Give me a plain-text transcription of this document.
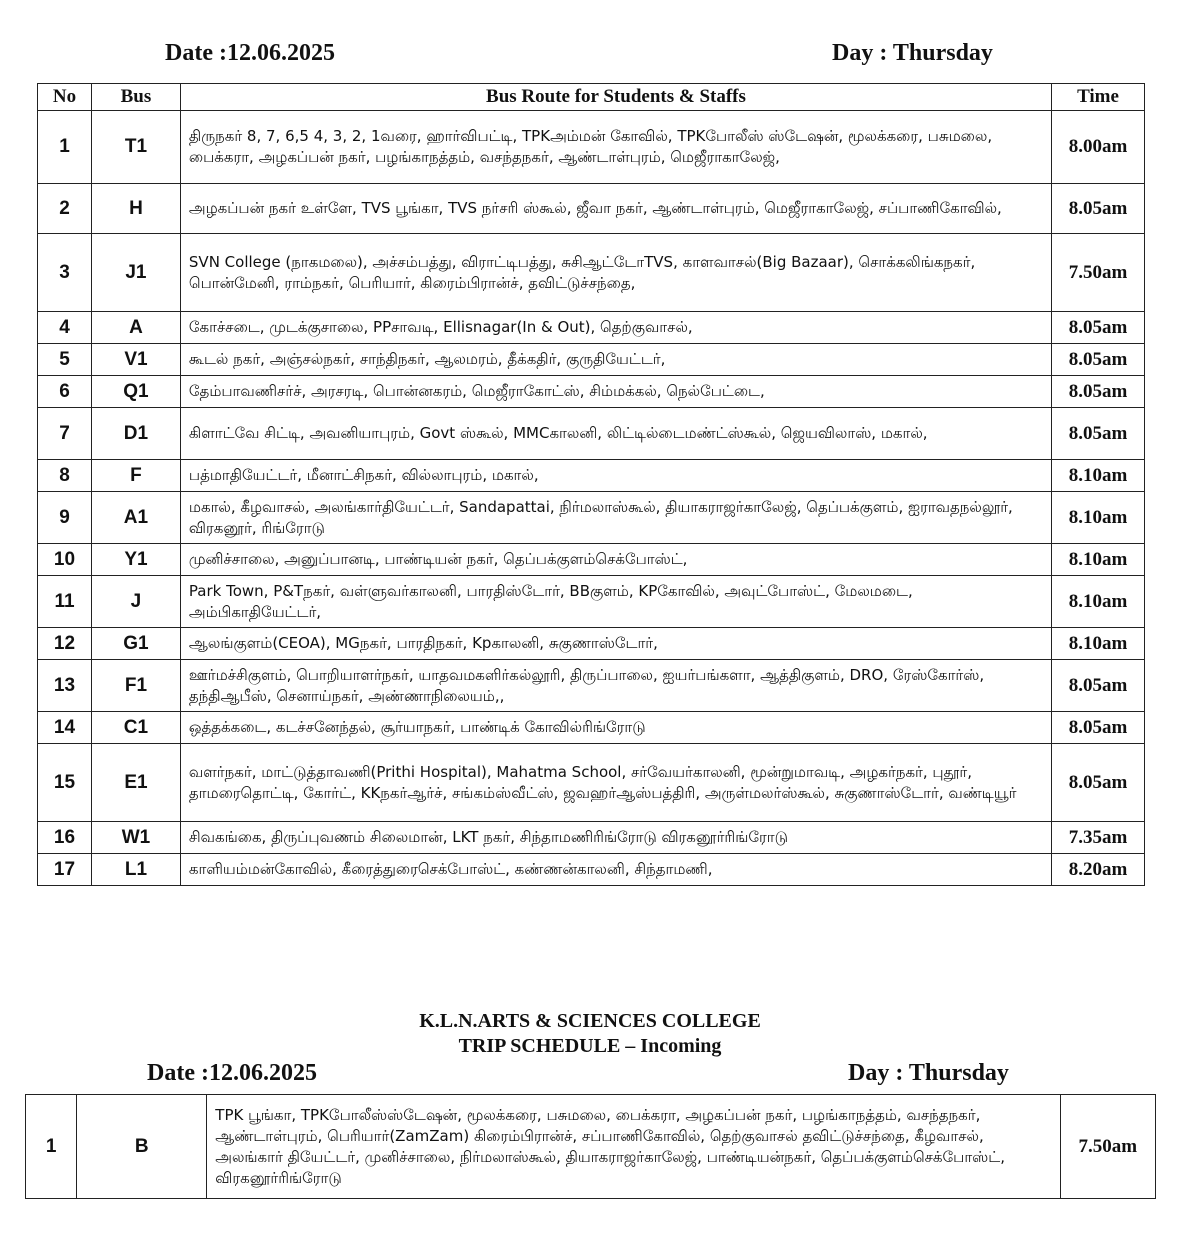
Date :12.06.2025	Day : Thursday
No	Bus	Bus Route for Students & Staffs	Time
1	T1	திருநகர் 8, 7, 6,5 4, 3, 2, 1வரை, ஹார்விபட்டி, TPKஅம்மன் கோவில், TPKபோலீஸ் ஸ்டேஷன், மூலக்கரை, பசுமலை, பைக்கரா, அழகப்பன் நகர், பழங்காநத்தம், வசந்தநகர், ஆண்டாள்புரம், மெஜீராகாலேஜ்,	8.00am
2	H	அழகப்பன் நகர் உள்ளே, TVS பூங்கா, TVS நர்சரி ஸ்கூல், ஜீவா நகர், ஆண்டாள்புரம், மெஜீராகாலேஜ், சப்பாணிகோவில்,	8.05am
3	J1	SVN College (நாகமலை), அச்சம்பத்து, விராட்டிபத்து, சுசிஆட்டோTVS, காளவாசல்(Big Bazaar), சொக்கலிங்கநகர், பொன்மேனி, ராம்நகர், பெரியார், கிரைம்பிரான்ச், தவிட்டுச்சந்தை,	7.50am
4	A	கோச்சடை, முடக்குசாலை, PPசாவடி, Ellisnagar(In & Out), தெற்குவாசல்,	8.05am
5	V1	கூடல் நகர், அஞ்சல்நகர், சாந்திநகர், ஆலமரம், தீக்கதிர், குருதியேட்டர்,	8.05am
6	Q1	தேம்பாவணிசர்ச், அரசரடி, பொன்னகரம், மெஜீராகோட்ஸ், சிம்மக்கல், நெல்பேட்டை,	8.05am
7	D1	கிளாட்வே சிட்டி, அவனியாபுரம், Govt ஸ்கூல், MMCகாலனி, லிட்டில்டைமண்ட்ஸ்கூல், ஜெயவிலாஸ், மகால்,	8.05am
8	F	பத்மாதியேட்டர், மீனாட்சிநகர், வில்லாபுரம், மகால்,	8.10am
9	A1	மகால், கீழவாசல், அலங்கார்தியேட்டர், Sandapattai, நிர்மலாஸ்கூல், தியாகராஜர்காலேஜ், தெப்பக்குளம், ஐராவதநல்லூர், விரகனூர், ரிங்ரோடு	8.10am
10	Y1	முனிச்சாலை, அனுப்பானடி, பாண்டியன் நகர், தெப்பக்குளம்செக்போஸ்ட்,	8.10am
11	J	Park Town, P&Tநகர், வள்ளுவர்காலனி, பாரதிஸ்டோர், BBகுளம், KPகோவில், அவுட்போஸ்ட், மேலமடை, அம்பிகாதியேட்டர்,	8.10am
12	G1	ஆலங்குளம்(CEOA), MGநகர், பாரதிநகர், Kpகாலனி, சுகுணாஸ்டோர்,	8.10am
13	F1	ஊர்மச்சிகுளம், பொறியாளர்நகர், யாதவமகளிர்கல்லூரி, திருப்பாலை, ஐயர்பங்களா, ஆத்திகுளம், DRO, ரேஸ்கோர்ஸ், தந்திஆபீஸ், செனாய்நகர், அண்ணாநிலையம்,,	8.05am
14	C1	ஒத்தக்கடை, கடச்சனேந்தல், சூர்யாநகர், பாண்டிக் கோவில்ரிங்ரோடு	8.05am
15	E1	வளர்நகர், மாட்டுத்தாவணி(Prithi Hospital), Mahatma School, சர்வேயர்காலனி, மூன்றுமாவடி, அழகர்நகர், புதூர், தாமரைதொட்டி, கோர்ட், KKநகர்ஆர்ச், சங்கம்ஸ்வீட்ஸ், ஜவஹர்ஆஸ்பத்திரி, அருள்மலர்ஸ்கூல், சுகுணாஸ்டோர், வண்டியூர்	8.05am
16	W1	சிவகங்கை, திருப்புவணம் சிலைமான், LKT நகர், சிந்தாமணிரிங்ரோடு விரகனூர்ரிங்ரோடு	7.35am
17	L1	காளியம்மன்கோவில், கீரைத்துரைசெக்போஸ்ட், கண்ணன்காலனி, சிந்தாமணி,	8.20am
K.L.N.ARTS & SCIENCES COLLEGE
TRIP SCHEDULE – Incoming
Date :12.06.2025	Day : Thursday
1	B	TPK பூங்கா, TPKபோலீஸ்ஸ்டேஷன், மூலக்கரை, பசுமலை, பைக்கரா, அழகப்பன் நகர், பழங்காநத்தம், வசந்தநகர், ஆண்டாள்புரம், பெரியார்(ZamZam) கிரைம்பிரான்ச், சப்பாணிகோவில், தெற்குவாசல் தவிட்டுச்சந்தை, கீழவாசல், அலங்கார் தியேட்டர், முனிச்சாலை, நிர்மலாஸ்கூல், தியாகராஜர்காலேஜ், பாண்டியன்நகர், தெப்பக்குளம்செக்போஸ்ட், விரகனூர்ரிங்ரோடு	7.50am
